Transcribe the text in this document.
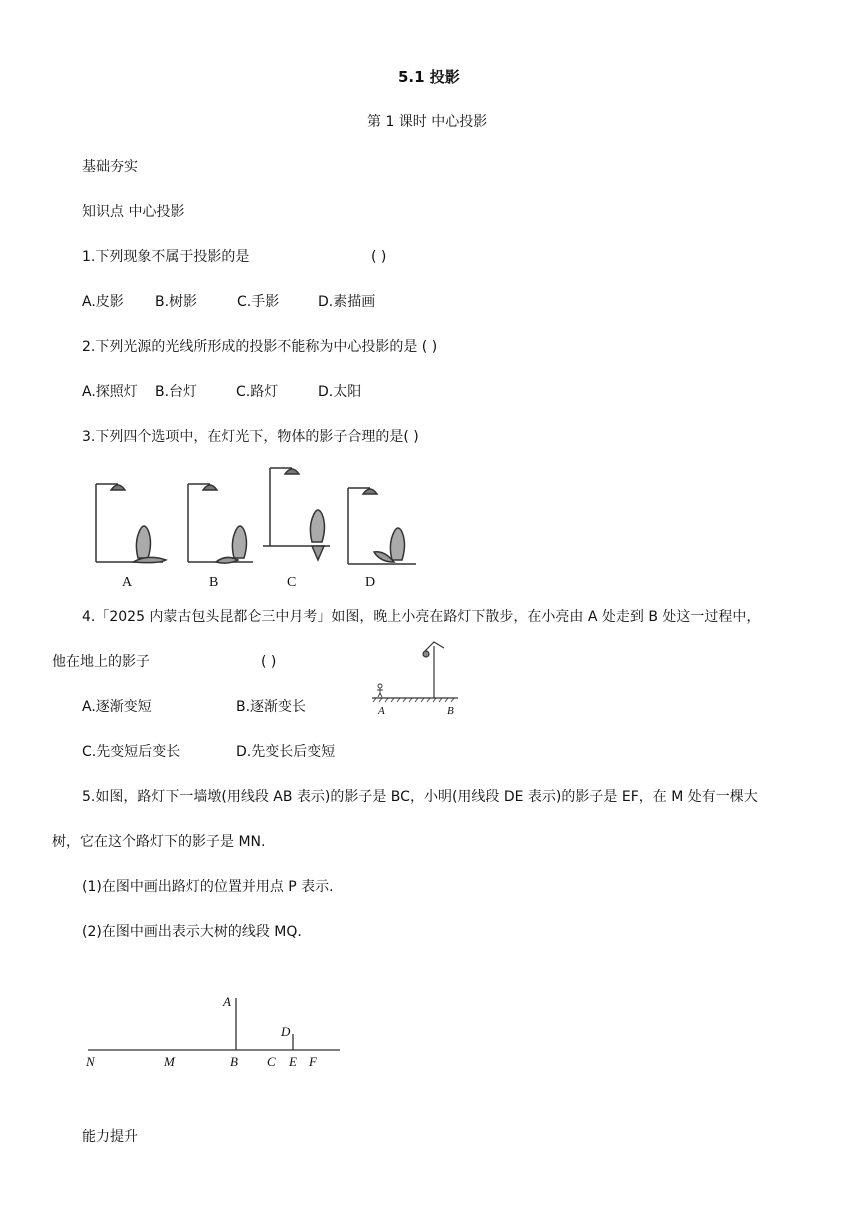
5.1 投影
第 1 课时 中心投影
基础夯实
知识点 中心投影
1.下列现象不属于投影的是	( )
A.皮影 B.树影	C.手影	D.素描画
2.下列光源的光线所形成的投影不能称为中心投影的是 ( )
A.探照灯 B.台灯	C.路灯	D.太阳
3.下列四个选项中，在灯光下，物体的影子合理的是( )
A	B	C	D
4.「2025 内蒙古包头昆都仑三中月考」如图，晚上小亮在路灯下散步，在小亮由 A 处走到 B 处这一过程中，
他在地上的影子	( )
A	B
A.逐渐变短	B.逐渐变长
C.先变短后变长	D.先变长后变短
5.如图，路灯下一墙墩(用线段 AB 表示)的影子是 BC，小明(用线段 DE 表示)的影子是 EF，在 M 处有一棵大
树，它在这个路灯下的影子是 MN.
(1)在图中画出路灯的位置并用点 P 表示.
(2)在图中画出表示大树的线段 MQ.
N	M	B C E F
A
D
能力提升
